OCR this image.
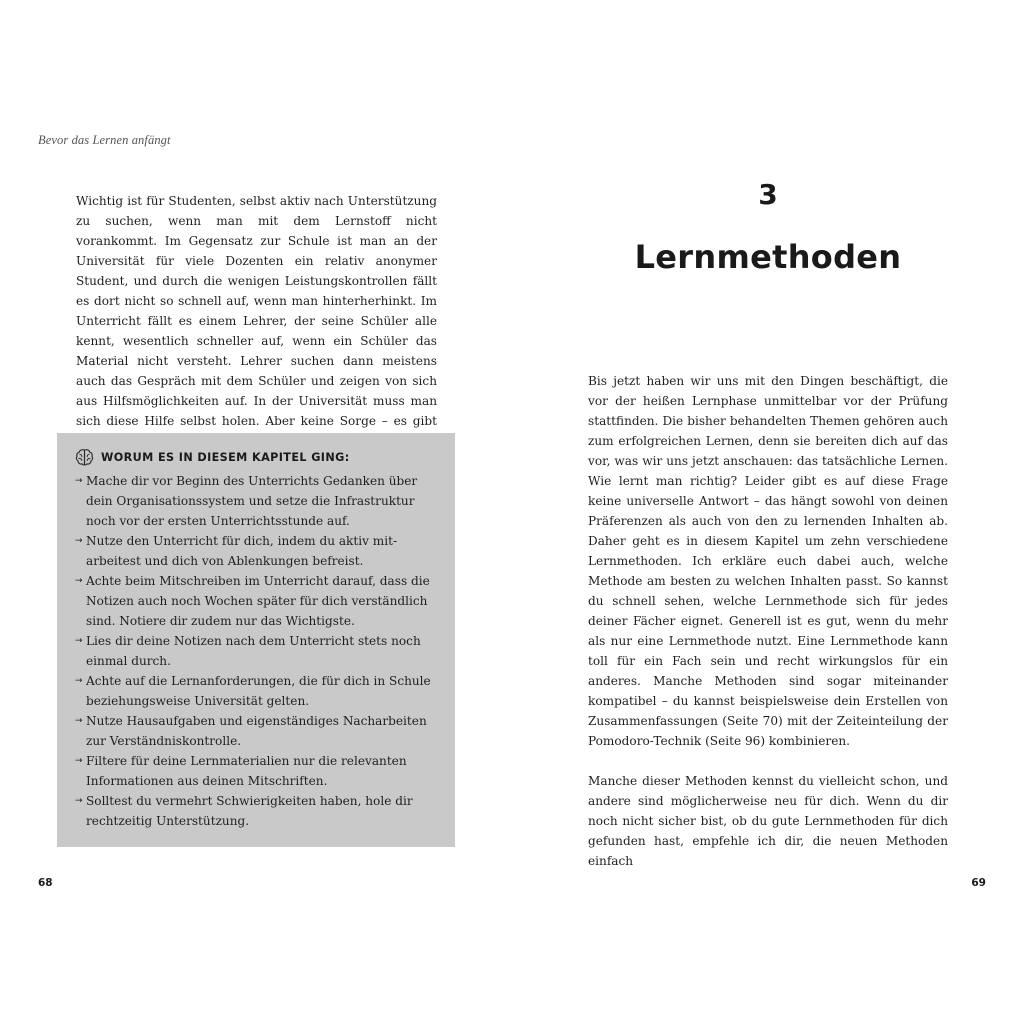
Bevor das Lernen anfängt

Wichtig ist für Studenten, selbst aktiv nach Unterstützung zu suchen, wenn man mit dem Lernstoff nicht vorankommt. Im Gegensatz zur Schule ist man an der Universität für viele Dozenten ein relativ anonymer Student, und durch die wenigen Leistungskontrollen fällt es dort nicht so schnell auf, wenn man hinterherhinkt. Im Unterricht fällt es einem Lehrer, der seine Schüler alle kennt, wesentlich schneller auf, wenn ein Schüler das Material nicht versteht. Lehrer suchen dann meistens auch das Gespräch mit dem Schüler und zeigen von sich aus Hilfsmöglichkeiten auf. In der Universität muss man sich diese Hilfe selbst holen. Aber keine Sorge – es gibt

WORUM ES IN DIESEM KAPITEL GING:
→ Mache dir vor Beginn des Unterrichts Gedanken über dein Organisationssystem und setze die Infrastruktur noch vor der ersten Unterrichtsstunde auf.
→ Nutze den Unterricht für dich, indem du aktiv mitarbeitest und dich von Ablenkungen befreist.
→ Achte beim Mitschreiben im Unterricht darauf, dass die Notizen auch noch Wochen später für dich verständlich sind. Notiere dir zudem nur das Wichtigste.
→ Lies dir deine Notizen nach dem Unterricht stets noch einmal durch.
→ Achte auf die Lernanforderungen, die für dich in Schule beziehungsweise Universität gelten.
→ Nutze Hausaufgaben und eigenständiges Nacharbeiten zur Verständniskontrolle.
→ Filtere für deine Lernmaterialien nur die relevanten Informationen aus deinen Mitschriften.
→ Solltest du vermehrt Schwierigkeiten haben, hole dir rechtzeitig Unterstützung.
68
3
Lernmethoden

Bis jetzt haben wir uns mit den Dingen beschäftigt, die vor der heißen Lernphase unmittelbar vor der Prüfung stattfinden. Die bisher behandelten Themen gehören auch zum erfolgreichen Lernen, denn sie bereiten dich auf das vor, was wir uns jetzt anschauen: das tatsächliche Lernen. Wie lernt man richtig? Leider gibt es auf diese Frage keine universelle Antwort – das hängt sowohl von deinen Präferenzen als auch von den zu lernenden Inhalten ab. Daher geht es in diesem Kapitel um zehn verschiedene Lernmethoden. Ich erkläre euch dabei auch, welche Methode am besten zu welchen Inhalten passt. So kannst du schnell sehen, welche Lernmethode sich für jedes deiner Fächer eignet. Generell ist es gut, wenn du mehr als nur eine Lernmethode nutzt. Eine Lernmethode kann toll für ein Fach sein und recht wirkungslos für ein anderes. Manche Methoden sind sogar miteinander kompatibel – du kannst beispielsweise dein Erstellen von Zusammenfassungen (Seite 70) mit der Zeiteinteilung der Pomodoro-Technik (Seite 96) kombinieren.

Manche dieser Methoden kennst du vielleicht schon, und andere sind möglicherweise neu für dich. Wenn du dir noch nicht sicher bist, ob du gute Lernmethoden für dich gefunden hast, empfehle ich dir, die neuen Methoden einfach

69
